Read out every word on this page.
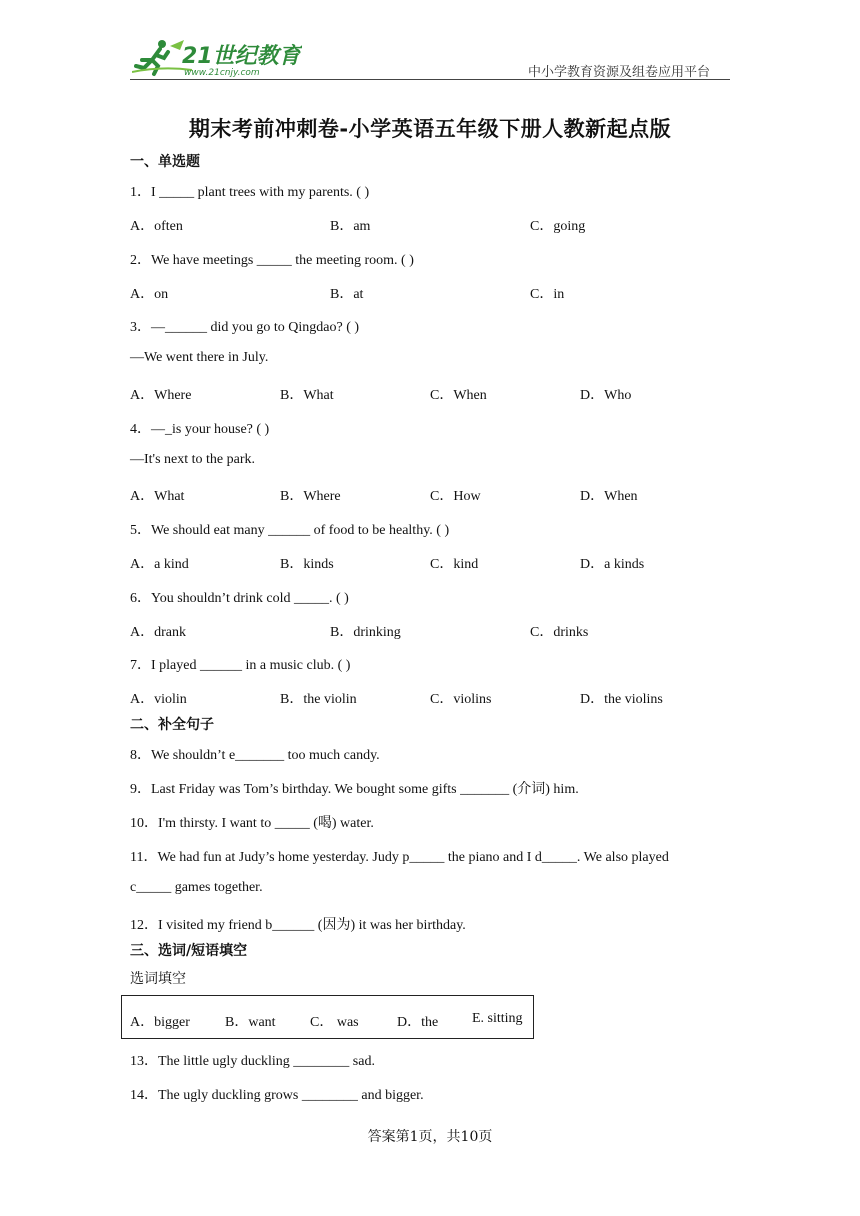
21世纪教育
www.21cnjy.com	中小学教育资源及组卷应用平台
期末考前冲刺卷-小学英语五年级下册人教新起点版
一、单选题
1．I _____ plant trees with my parents. ( )
A．often	B．am	C．going
2．We have meetings _____ the meeting room. ( )
A．on	B．at	C．in
3．—______ did you go to Qingdao? ( )
—We went there in July.
A．Where	B．What	C．When	D．Who
4．—_is your house? ( )
—It's next to the park.
A．What	B．Where	C．How	D．When
5．We should eat many ______ of food to be healthy. ( )
A．a kind	B．kinds	C．kind	D．a kinds
6．You shouldn’t drink cold _____. ( )
A．drank	B．drinking	C．drinks
7．I played ______ in a music club. ( )
A．violin	B．the violin	C．violins	D．the violins
二、补全句子
8．We shouldn’t e_______ too much candy.
9．Last Friday was Tom’s birthday. We bought some gifts _______ (介词) him.
10．I'm thirsty. I want to _____ (喝) water.
11．We had fun at Judy’s home yesterday. Judy p_____ the piano and I d_____. We also played
c_____ games together.
12．I visited my friend b______ (因为) it was her birthday.
三、选词/短语填空
选词填空
A．bigger	B．want C． was	D．the E. sitting
13．The little ugly duckling ________ sad.
14．The ugly duckling grows ________ and bigger.
答案第1页，共10页
